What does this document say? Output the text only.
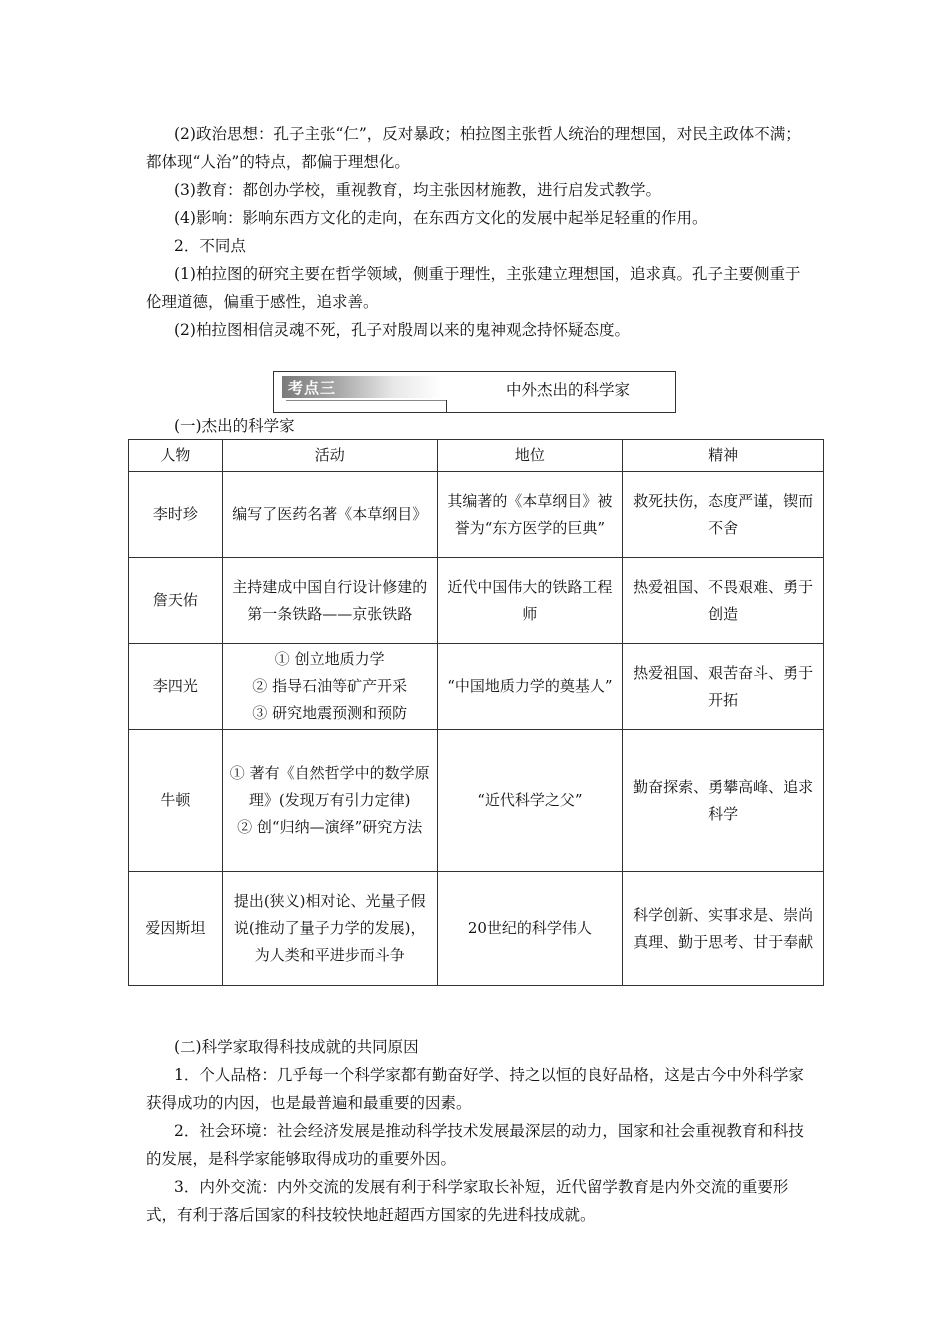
(2)政治思想：孔子主张“仁”，反对暴政；柏拉图主张哲人统治的理想国，对民主政体不满；都体现“人治”的特点，都偏于理想化。

(3)教育：都创办学校，重视教育，均主张因材施教，进行启发式教学。

(4)影响：影响东西方文化的走向，在东西方文化的发展中起举足轻重的作用。

2．不同点

(1)柏拉图的研究主要在哲学领域，侧重于理性，主张建立理想国，追求真。孔子主要侧重于伦理道德，偏重于感性，追求善。

(2)柏拉图相信灵魂不死，孔子对殷周以来的鬼神观念持怀疑态度。

考点三	中外杰出的科学家
(一)杰出的科学家
人物	活动	地位	精神
李时珍	编写了医药名著《本草纲目》	其编著的《本草纲目》被誉为“东方医学的巨典”	救死扶伤，态度严谨，锲而不舍
詹天佑	主持建成中国自行设计修建的第一条铁路——京张铁路	近代中国伟大的铁路工程师	热爱祖国、不畏艰难、勇于创造
李四光	① 创立地质力学
② 指导石油等矿产开采
③ 研究地震预测和预防	“中国地质力学的奠基人”	热爱祖国、艰苦奋斗、勇于开拓
牛顿	① 著有《自然哲学中的数学原理》(发现万有引力定律)
② 创“归纳—演绎”研究方法	“近代科学之父”	勤奋探索、勇攀高峰、追求科学
爱因斯坦	提出(狭义)相对论、光量子假说(推动了量子力学的发展)，为人类和平进步而斗争	20世纪的科学伟人	科学创新、实事求是、崇尚真理、勤于思考、甘于奉献

(二)科学家取得科技成就的共同原因

1．个人品格：几乎每一个科学家都有勤奋好学、持之以恒的良好品格，这是古今中外科学家获得成功的内因，也是最普遍和最重要的因素。

2．社会环境：社会经济发展是推动科学技术发展最深层的动力，国家和社会重视教育和科技的发展，是科学家能够取得成功的重要外因。

3．内外交流：内外交流的发展有利于科学家取长补短，近代留学教育是内外交流的重要形式，有利于落后国家的科技较快地赶超西方国家的先进科技成就。
